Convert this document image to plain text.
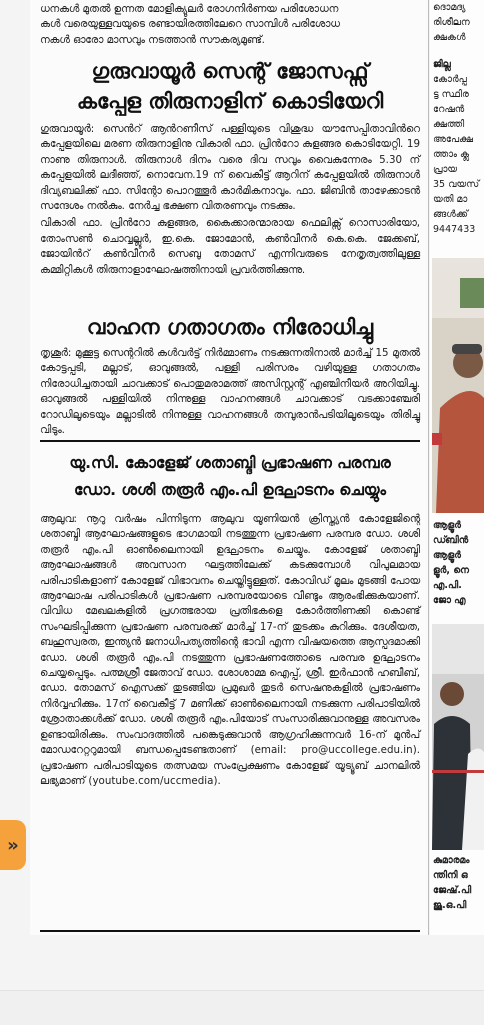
ധനകൾ മുതൽ ഉന്നത മോളിക്യുലർ രോഗനിർണയ പരിശോധന

കൾ വരെയുള്ളവയുടെ രണ്ടായിരത്തിലേറെ സാമ്പിൾ പരിശോധ

നകൾ ഓരോ മാസവും നടത്താൻ സൗകര്യമുണ്ട്.

ഗുരുവായൂർ സെന്റ് ജോസഫ്സ്
കപ്പേള തിരുനാളിന് കൊടിയേറി

ഗുരുവായൂർ: സെൻറ് ആൻറണീസ് പള്ളിയുടെ വിശുദ്ധ യൗസേപ്പിതാവിൻറെ കപ്പേളയിലെ മരണ തിരുനാളിനു വികാരി ഫാ. പ്രിൻറോ കുളങ്ങര കൊടിയേറ്റി. 19 നാണു തിരുനാൾ. തിരുനാൾ ദിനം വരെ ദിവ സവും വൈകുന്നേരം 5.30 ന് കപ്പേളയിൽ ലദീഞ്ഞ്, നൊവേന.19 ന് വൈകീട്ട് ആറിന് കപ്പേളയിൽ തിരുനാൾ ദിവ്യബലിക്ക് ഫാ. സിന്റോ പൊറത്തൂർ കാർമികനാവും. ഫാ. ജിബിൻ താഴേക്കാടൻ സന്ദേശം നൽകും. നേർച്ച ഭക്ഷണ വിതരണവും നടക്കും.

വികാരി ഫാ. പ്രിൻറോ കുളങ്ങര, കൈക്കാരന്മാരായ ഫെലിക്സ് റൊസാരിയോ, തോംസൺ ചൊവ്വല്ലൂർ, ഇ.കെ. ജോമോൻ, കൺവീനർ കെ.കെ. ജേക്കബ്, ജോയിൻറ് കൺവീനർ സെബു തോമസ് എന്നിവരുടെ നേതൃത്വത്തിലുള്ള കമ്മിറ്റികൾ തിരുനാളാഘോഷത്തിനായി പ്രവർത്തിക്കുന്നു.

വാഹന ഗതാഗതം നിരോധിച്ചു

തൃശൂർ: മുക്കൂട്ട സെന്ററിൽ കൾവർട്ട് നിർമ്മാണം നടക്കുന്നതിനാൽ മാർച്ച് 15 മുതൽ കോട്ടപ്പടി, മല്ലാട്, ഓവുങ്ങൽ, പള്ളി പരിസരം വഴിയുള്ള ഗതാഗതം നിരോധിച്ചതായി ചാവക്കാട് പൊതുമരാമത്ത് അസിസ്റ്റന്റ് എഞ്ചിനീയർ അറിയിച്ചു. ഓവുങ്ങൽ പള്ളിയിൽ നിന്നുള്ള വാഹനങ്ങൾ ചാവക്കാട് വടക്കാഞ്ചേരി റോഡിലൂടെയും മല്ലാടിൽ നിന്നുള്ള വാഹനങ്ങൾ തമ്പുരാൻപടിയിലൂടെയും തിരിച്ചു വിടും.

യു.സി. കോളേജ് ശതാബ്ദി പ്രഭാഷണ പരമ്പര
ഡോ. ശശി തരൂർ എം.പി ഉദ്ഘാടനം ചെയ്യും

ആലുവ: നൂറു വർഷം പിന്നിടുന്ന ആലുവ യൂണിയൻ ക്രിസ്ത്യൻ കോളേജിന്റെ ശതാബ്ദി ആഘോഷങ്ങളുടെ ഭാഗമായി നടത്തുന്ന പ്രഭാഷണ പരമ്പര ഡോ. ശശി തരൂർ എം.പി ഓൺലൈനായി ഉദ്ഘാടനം ചെയ്യും. കോളേജ് ശതാബ്ദി ആഘോഷങ്ങൾ അവസാന ഘട്ടത്തിലേക്ക് കടക്കുമ്പോൾ വിപുലമായ പരിപാടികളാണ് കോളേജ് വിഭാവനം ചെയ്തിട്ടുള്ളത്. കോവിഡ് മൂലം മുടങ്ങി പോയ ആഘോഷ പരിപാടികൾ പ്രഭാഷണ പരമ്പരയോടെ വീണ്ടും ആരംഭിക്കുകയാണ്. വിവിധ മേഖലകളിൽ പ്രഗത്ഭരായ പ്രതിഭകളെ കോർത്തിണക്കി കൊണ്ട് സംഘടിപ്പിക്കുന്ന പ്രഭാഷണ പരമ്പരക്ക് മാർച്ച് 17-ന് തുടക്കം കുറിക്കും. ദേശീയത, ബഹുസ്വരത, ഇന്ത്യൻ ജനാധിപത്യത്തിന്റെ ഭാവി എന്ന വിഷയത്തെ ആസ്പദമാക്കി ഡോ. ശശി തരൂർ എം.പി നടത്തുന്ന പ്രഭാഷണത്തോടെ പരമ്പര ഉദ്ഘാടനം ചെയ്യപ്പെടും. പത്മശ്രീ ജേതാവ് ഡോ. ശോശാമ്മ ഐപ്പ്, ശ്രീ. ഇർഫാൻ ഹബീബ്, ഡോ. തോമസ് ഐസക്ക് തുടങ്ങിയ പ്രമുഖർ തുടർ സെഷനുകളിൽ പ്രഭാഷണം നിർവ്വഹിക്കും. 17ന് വൈകീട്ട് 7 മണിക്ക് ഓൺലൈനായി നടക്കുന്ന പരിപാടിയിൽ ശ്രോതാക്കൾക്ക് ഡോ. ശശി തരൂർ എം.പിയോട് സംസാരിക്കുവാനുള്ള അവസരം ഉണ്ടായിരിക്കും. സംവാദത്തിൽ പങ്കെടുക്കുവാൻ ആഗ്രഹിക്കുന്നവർ 16-ന് മുൻപ് മോഡറേറ്ററുമായി ബന്ധപ്പെടേണ്ടതാണ് (email: pro@uccollege.edu.in). പ്രഭാഷണ പരിപാടിയുടെ തത്സമയ സംപ്രേക്ഷണം കോളേജ് യൂട്യൂബ് ചാനലിൽ ലഭ്യമാണ് (youtube.com/uccmedia).

ദൊമദ്യ
രിശീലന
ക്ഷകൾ
ജില്ല
കോർപ്പ
ട്ട സ്ഥിര
റേഷൻ
ക്ഷത്തി
അപേക്ഷ
ത്താം ക്ല
പ്രായ
35 വയസ്
യതി മാ
ങ്ങൾക്ക്
9447433
ആളൂർ
ഡ്ബിൻ
ആളൂർ
ളൂർ, നെ
എ.പി.
ജോ എ
കുമാരമം
ന്തിനി ഒ
ജേഷ്.പി
ജു.ഒ.പി
»
